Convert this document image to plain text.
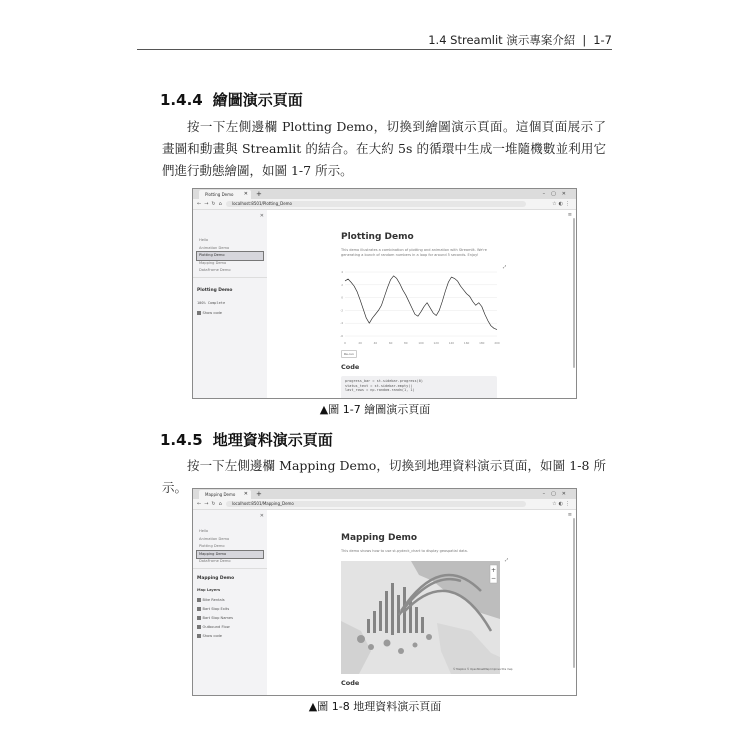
1.4 Streamlit 演示專案介紹 | 1-7
1.4.4 繪圖演示頁面
按一下左側邊欄 Plotting Demo，切換到繪圖演示頁面。這個頁面展示了畫圖和動畫與 Streamlit 的結合。在大約 5s 的循環中生成一堆隨機數並利用它們進行動態繪圖，如圖 1-7 所示。
Plotting Demo ✕ +	–▢✕
←→↻⌂	localhost:8501/Plotting_Demo	☆◐⋮
✕
Hello
Animation Demo
Plotting Demo
Mapping Demo
DataFrame Demo
Plotting Demo
100% Complete
Show code
≡
Plotting Demo
This demo illustrates a combination of plotting and animation with Streamlit. We're generating a bunch of random numbers in a loop for around 5 seconds. Enjoy!
⤢
-6
-4
-2
0
2
4
0	20	40	60	80	100	120	140	160	180	200
Re-run
Code
progress_bar = st.sidebar.progress(0)
status_text = st.sidebar.empty()
last_rows = np.random.randn(1, 1)
▲圖 1-7 繪圖演示頁面
1.4.5 地理資料演示頁面
按一下左側邊欄 Mapping Demo，切換到地理資料演示頁面，如圖 1-8 所示。	Mapping Demo ✕ +	–▢✕
←→↻⌂	localhost:8501/Mapping_Demo	☆◐⋮
✕
Hello
Animation Demo
Plotting Demo
Mapping Demo
DataFrame Demo
Mapping Demo
Map Layers
Bike Rentals
Bart Stop Exits
Bart Stop Names
Outbound Flow
Show code
≡
Mapping Demo
This demo shows how to use st.pydeck_chart to display geospatial data.
⤢
+
−
© Mapbox © OpenStreetMap Improve this map
Code
▲圖 1-8 地理資料演示頁面
